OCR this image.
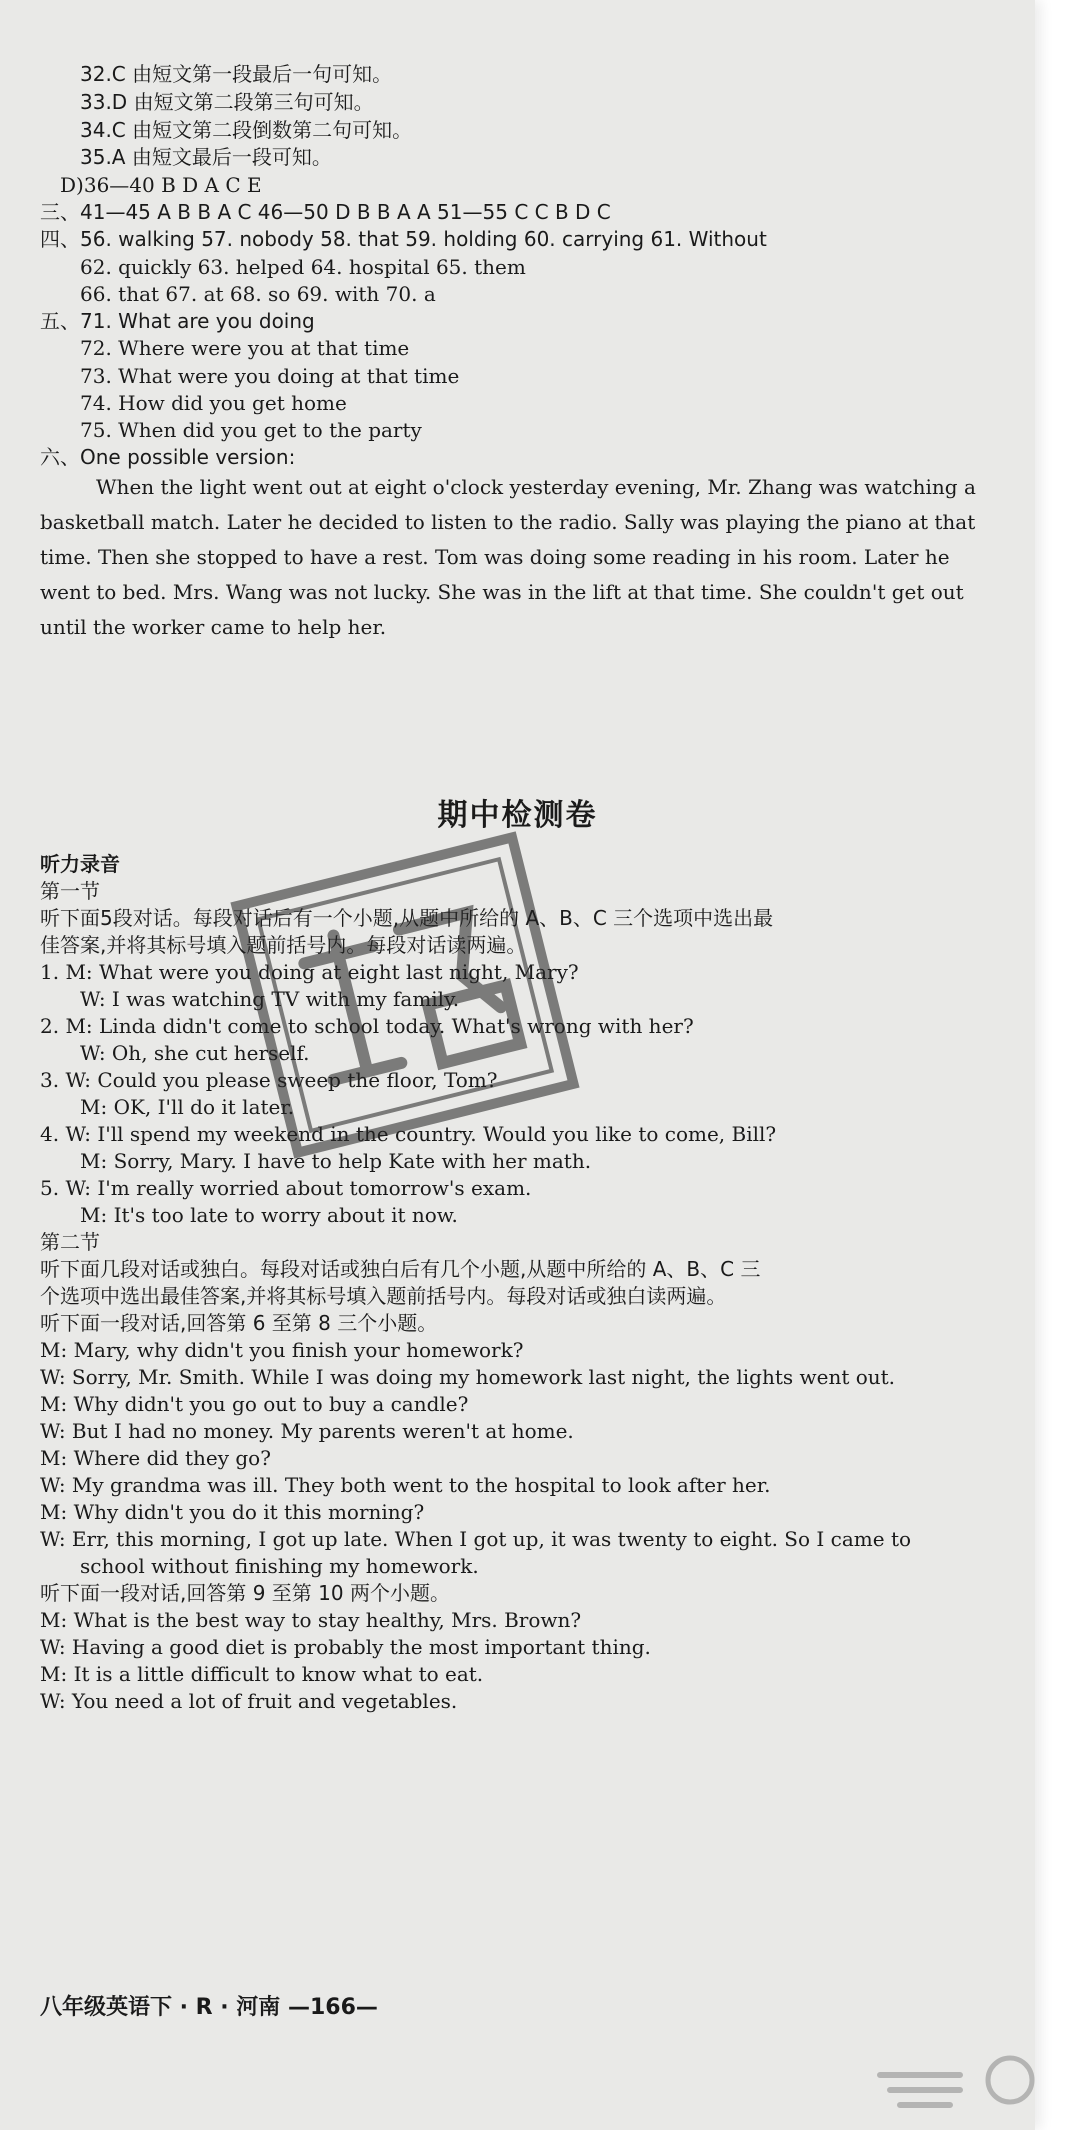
32.C 由短文第一段最后一句可知。
33.D 由短文第二段第三句可知。
34.C 由短文第二段倒数第二句可知。
35.A 由短文最后一段可知。
D)36—40 B D A C E
三、41—45 A B B A C 46—50 D B B A A 51—55 C C B D C
四、56. walking 57. nobody 58. that 59. holding 60. carrying 61. Without
62. quickly 63. helped 64. hospital 65. them
66. that 67. at 68. so 69. with 70. a
五、71. What are you doing
72. Where were you at that time
73. What were you doing at that time
74. How did you get home
75. When did you get to the party
六、One possible version:
When the light went out at eight o'clock yesterday evening, Mr. Zhang was watching a basketball match. Later he decided to listen to the radio. Sally was playing the piano at that time. Then she stopped to have a rest. Tom was doing some reading in his room. Later he went to bed. Mrs. Wang was not lucky. She was in the lift at that time. She couldn't get out until the worker came to help her.
期中检测卷
听力录音
第一节
听下面5段对话。每段对话后有一个小题,从题中所给的 A、B、C 三个选项中选出最
佳答案,并将其标号填入题前括号内。每段对话读两遍。
1. M: What were you doing at eight last night, Mary?
W: I was watching TV with my family.
2. M: Linda didn't come to school today. What's wrong with her?
W: Oh, she cut herself.
3. W: Could you please sweep the floor, Tom?
M: OK, I'll do it later.
4. W: I'll spend my weekend in the country. Would you like to come, Bill?
M: Sorry, Mary. I have to help Kate with her math.
5. W: I'm really worried about tomorrow's exam.
M: It's too late to worry about it now.
第二节
听下面几段对话或独白。每段对话或独白后有几个小题,从题中所给的 A、B、C 三
个选项中选出最佳答案,并将其标号填入题前括号内。每段对话或独白读两遍。
听下面一段对话,回答第 6 至第 8 三个小题。
M: Mary, why didn't you finish your homework?
W: Sorry, Mr. Smith. While I was doing my homework last night, the lights went out.
M: Why didn't you go out to buy a candle?
W: But I had no money. My parents weren't at home.
M: Where did they go?
W: My grandma was ill. They both went to the hospital to look after her.
M: Why didn't you do it this morning?
W: Err, this morning, I got up late. When I got up, it was twenty to eight. So I came to
school without finishing my homework.
听下面一段对话,回答第 9 至第 10 两个小题。
M: What is the best way to stay healthy, Mrs. Brown?
W: Having a good diet is probably the most important thing.
M: It is a little difficult to know what to eat.
W: You need a lot of fruit and vegetables.
八年级英语下 · R · 河南 —166—
